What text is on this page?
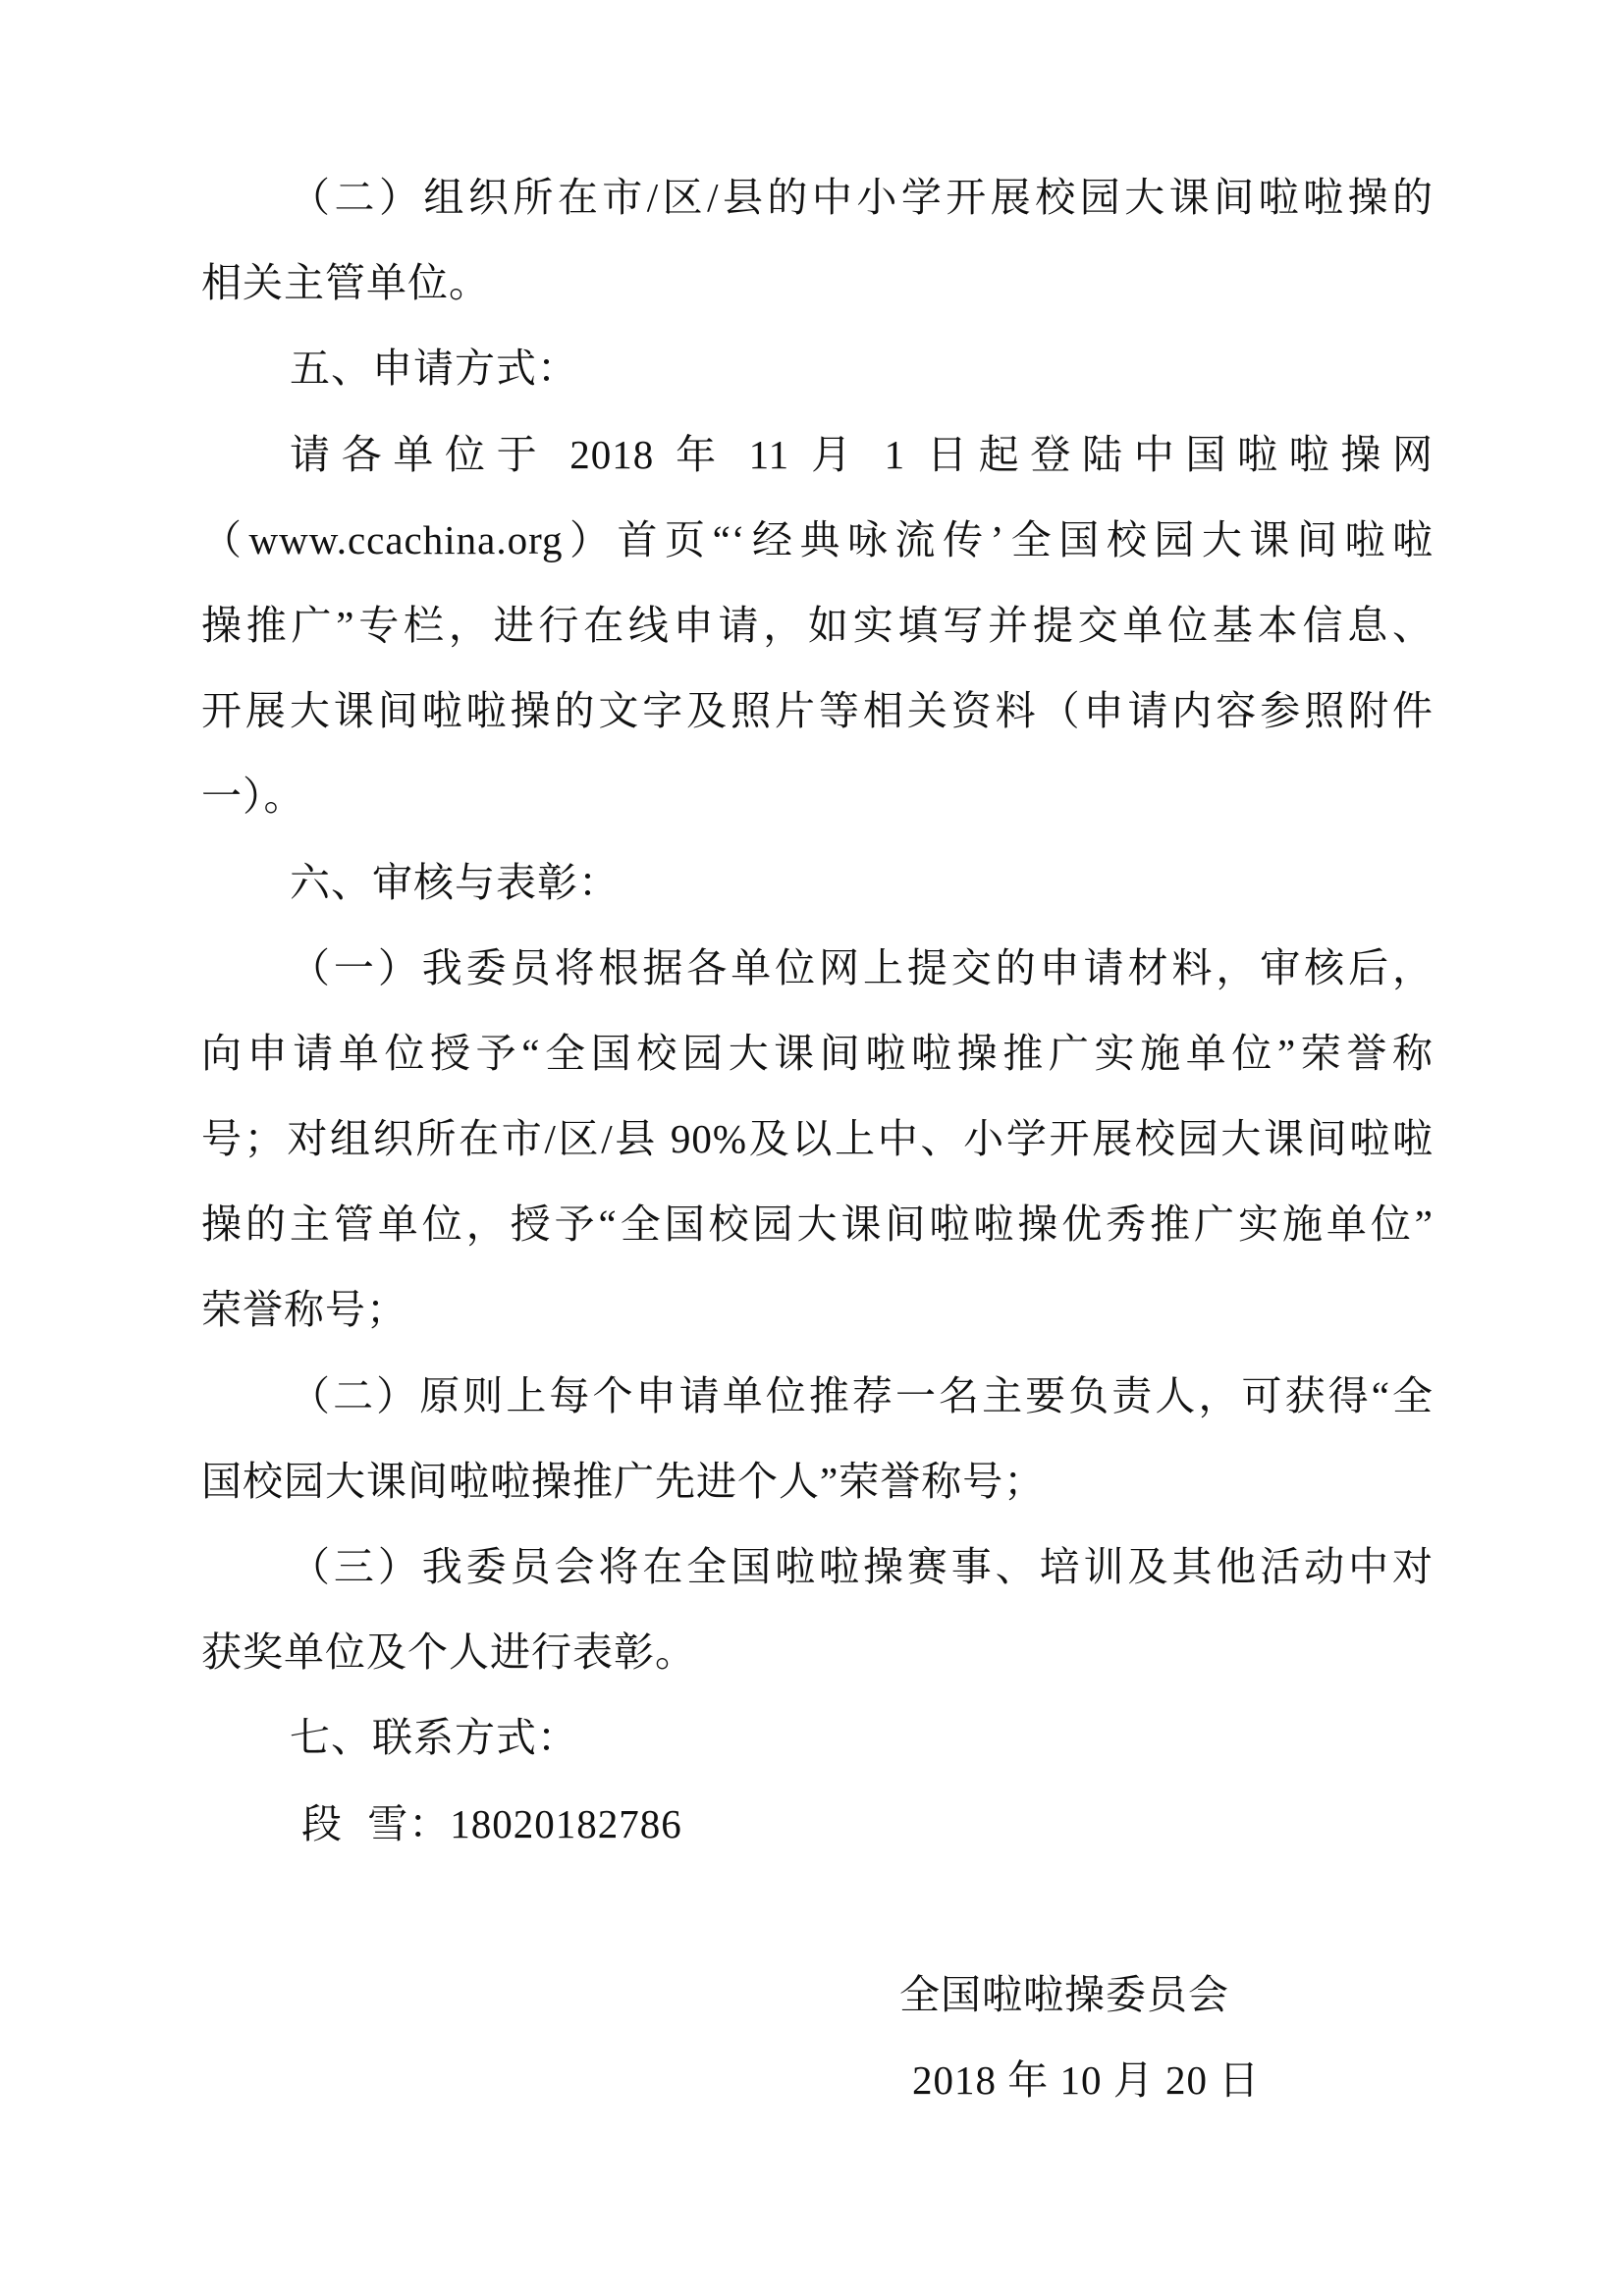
（二）组织所在市/区/县的中小学开展校园大课间啦啦操的
相关主管单位。
五、申请方式：
请各单位于 2018 年 11 月 1 日起登陆中国啦啦操网
（www.ccachina.org）首页“‘经典咏流传’全国校园大课间啦啦
操推广”专栏，进行在线申请，如实填写并提交单位基本信息、
开展大课间啦啦操的文字及照片等相关资料（申请内容参照附件
一）。
六、审核与表彰：
（一）我委员将根据各单位网上提交的申请材料，审核后，
向申请单位授予“全国校园大课间啦啦操推广实施单位”荣誉称
号；对组织所在市/区/县 90%及以上中、小学开展校园大课间啦啦
操的主管单位，授予“全国校园大课间啦啦操优秀推广实施单位”
荣誉称号；
（二）原则上每个申请单位推荐一名主要负责人，可获得“全
国校园大课间啦啦操推广先进个人”荣誉称号；
（三）我委员会将在全国啦啦操赛事、培训及其他活动中对
获奖单位及个人进行表彰。
七、联系方式：
段 雪：18020182786
全国啦啦操委员会
2018 年 10 月 20 日
